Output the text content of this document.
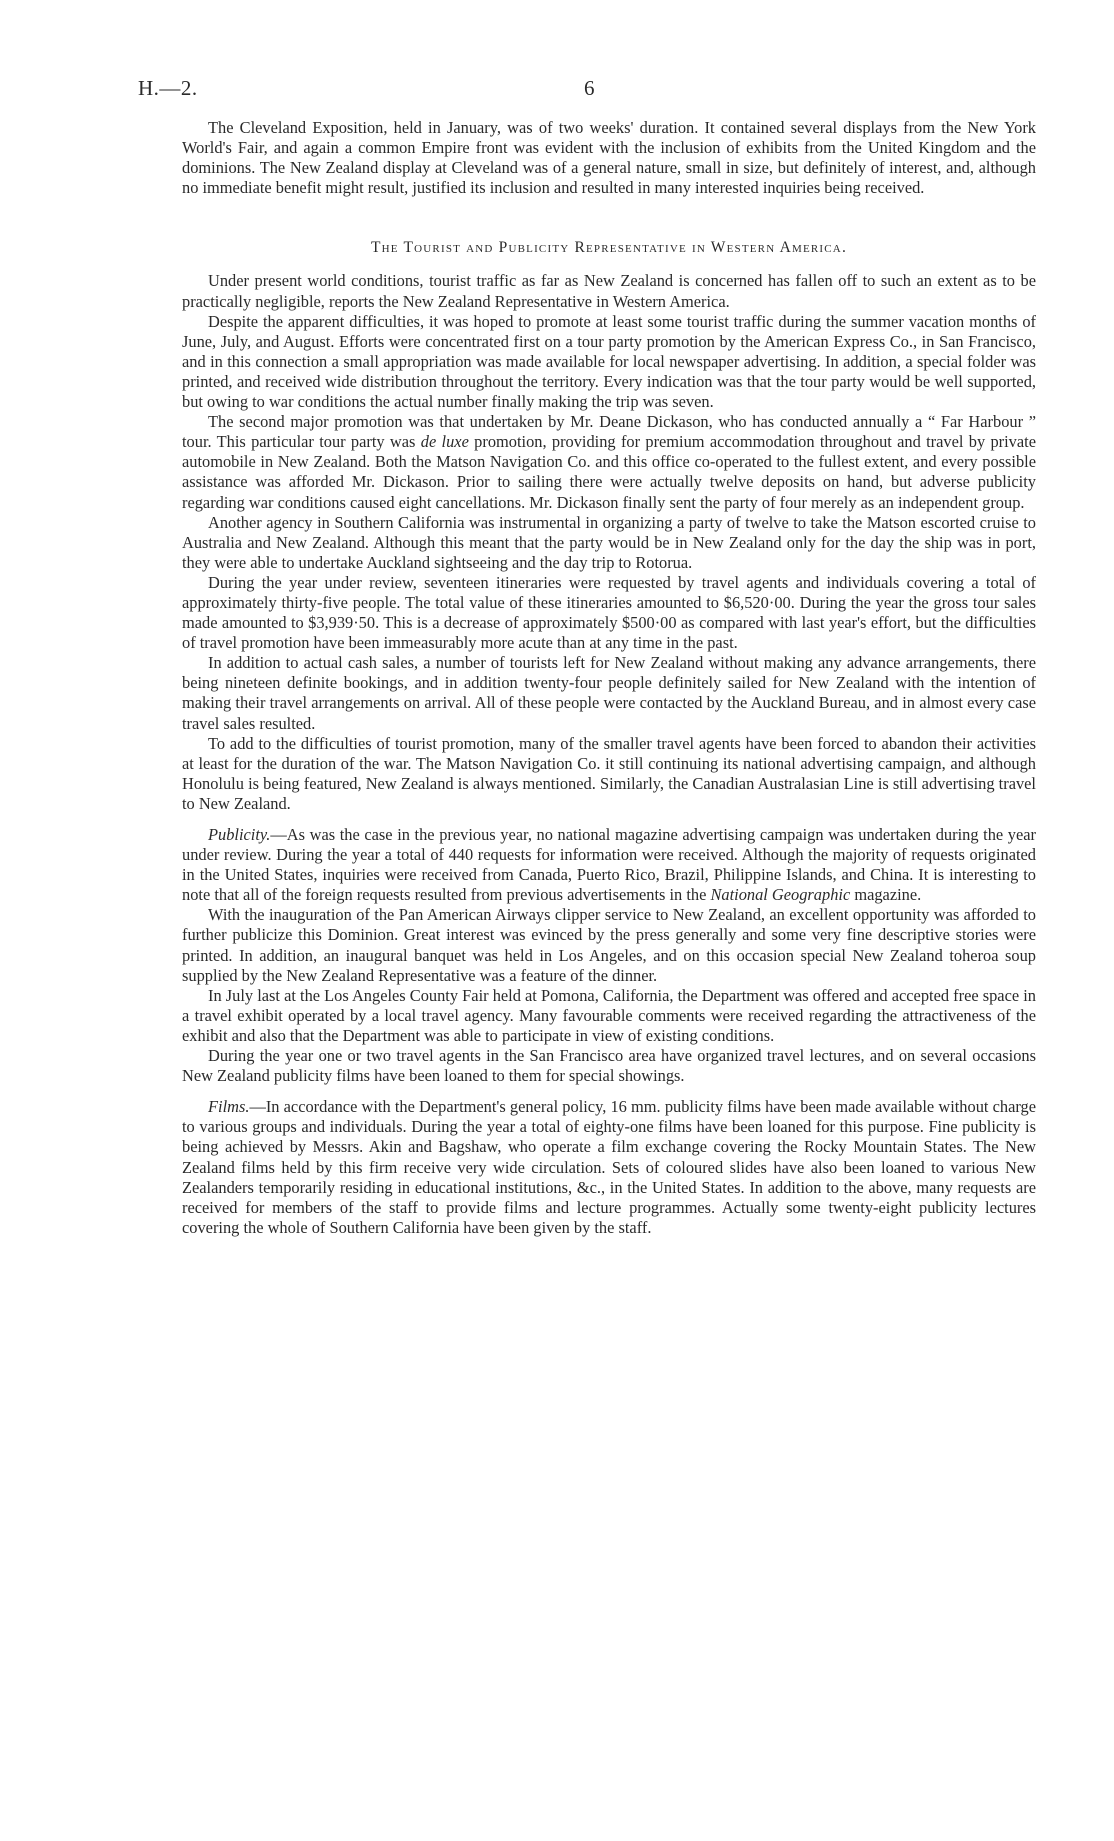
H.—2.	6

The Cleveland Exposition, held in January, was of two weeks' duration. It contained several displays from the New York World's Fair, and again a common Empire front was evident with the inclusion of exhibits from the United Kingdom and the dominions. The New Zealand display at Cleveland was of a general nature, small in size, but definitely of interest, and, although no immediate benefit might result, justified its inclusion and resulted in many interested inquiries being received.

The Tourist and Publicity Representative in Western America.

Under present world conditions, tourist traffic as far as New Zealand is concerned has fallen off to such an extent as to be practically negligible, reports the New Zealand Representative in Western America.

Despite the apparent difficulties, it was hoped to promote at least some tourist traffic during the summer vacation months of June, July, and August. Efforts were concentrated first on a tour party promotion by the American Express Co., in San Francisco, and in this connection a small appropriation was made available for local newspaper advertising. In addition, a special folder was printed, and received wide distribution throughout the territory. Every indication was that the tour party would be well supported, but owing to war conditions the actual number finally making the trip was seven.

The second major promotion was that undertaken by Mr. Deane Dickason, who has conducted annually a “ Far Harbour ” tour. This particular tour party was de luxe promotion, providing for premium accommodation throughout and travel by private automobile in New Zealand. Both the Matson Navigation Co. and this office co-operated to the fullest extent, and every possible assistance was afforded Mr. Dickason. Prior to sailing there were actually twelve deposits on hand, but adverse publicity regarding war conditions caused eight cancellations. Mr. Dickason finally sent the party of four merely as an independent group.

Another agency in Southern California was instrumental in organizing a party of twelve to take the Matson escorted cruise to Australia and New Zealand. Although this meant that the party would be in New Zealand only for the day the ship was in port, they were able to undertake Auckland sightseeing and the day trip to Rotorua.

During the year under review, seventeen itineraries were requested by travel agents and individuals covering a total of approximately thirty-five people. The total value of these itineraries amounted to $6,520·00. During the year the gross tour sales made amounted to $3,939·50. This is a decrease of approximately $500·00 as compared with last year's effort, but the difficulties of travel promotion have been immeasurably more acute than at any time in the past.

In addition to actual cash sales, a number of tourists left for New Zealand without making any advance arrangements, there being nineteen definite bookings, and in addition twenty-four people definitely sailed for New Zealand with the intention of making their travel arrangements on arrival. All of these people were contacted by the Auckland Bureau, and in almost every case travel sales resulted.

To add to the difficulties of tourist promotion, many of the smaller travel agents have been forced to abandon their activities at least for the duration of the war. The Matson Navigation Co. it still continuing its national advertising campaign, and although Honolulu is being featured, New Zealand is always mentioned. Similarly, the Canadian Australasian Line is still advertising travel to New Zealand.

Publicity.—As was the case in the previous year, no national magazine advertising campaign was undertaken during the year under review. During the year a total of 440 requests for information were received. Although the majority of requests originated in the United States, inquiries were received from Canada, Puerto Rico, Brazil, Philippine Islands, and China. It is interesting to note that all of the foreign requests resulted from previous advertisements in the National Geographic magazine.

With the inauguration of the Pan American Airways clipper service to New Zealand, an excellent opportunity was afforded to further publicize this Dominion. Great interest was evinced by the press generally and some very fine descriptive stories were printed. In addition, an inaugural banquet was held in Los Angeles, and on this occasion special New Zealand toheroa soup supplied by the New Zealand Representative was a feature of the dinner.

In July last at the Los Angeles County Fair held at Pomona, California, the Department was offered and accepted free space in a travel exhibit operated by a local travel agency. Many favourable comments were received regarding the attractiveness of the exhibit and also that the Department was able to participate in view of existing conditions.

During the year one or two travel agents in the San Francisco area have organized travel lectures, and on several occasions New Zealand publicity films have been loaned to them for special showings.

Films.—In accordance with the Department's general policy, 16 mm. publicity films have been made available without charge to various groups and individuals. During the year a total of eighty-one films have been loaned for this purpose. Fine publicity is being achieved by Messrs. Akin and Bagshaw, who operate a film exchange covering the Rocky Mountain States. The New Zealand films held by this firm receive very wide circulation. Sets of coloured slides have also been loaned to various New Zealanders temporarily residing in educational institutions, &c., in the United States. In addition to the above, many requests are received for members of the staff to provide films and lecture programmes. Actually some twenty-eight publicity lectures covering the whole of Southern California have been given by the staff.
